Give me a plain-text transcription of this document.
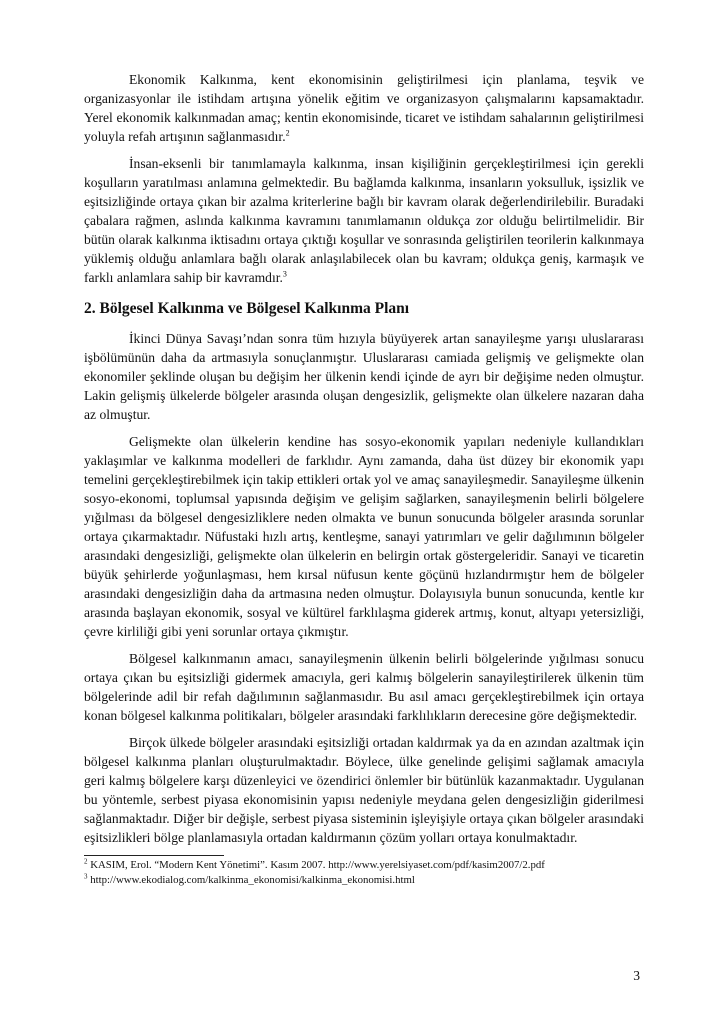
Ekonomik Kalkınma, kent ekonomisinin geliştirilmesi için planlama, teşvik ve organizasyonlar ile istihdam artışına yönelik eğitim ve organizasyon çalışmalarını kapsamaktadır. Yerel ekonomik kalkınmadan amaç; kentin ekonomisinde, ticaret ve istihdam sahalarının geliştirilmesi yoluyla refah artışının sağlanmasıdır.$^2$

İnsan-eksenli bir tanımlamayla kalkınma, insan kişiliğinin gerçekleştirilmesi için gerekli koşulların yaratılması anlamına gelmektedir. Bu bağlamda kalkınma, insanların yoksulluk, işsizlik ve eşitsizliğinde ortaya çıkan bir azalma kriterlerine bağlı bir kavram olarak değerlendirilebilir. Buradaki çabalara rağmen, aslında kalkınma kavramını tanımlamanın oldukça zor olduğu belirtilmelidir. Bir bütün olarak kalkınma iktisadını ortaya çıktığı koşullar ve sonrasında geliştirilen teorilerin kalkınmaya yüklemiş olduğu anlamlara bağlı olarak anlaşılabilecek olan bu kavram; oldukça geniş, karmaşık ve farklı anlamlara sahip bir kavramdır.$^3$

2. Bölgesel Kalkınma ve Bölgesel Kalkınma Planı

İkinci Dünya Savaşı’ndan sonra tüm hızıyla büyüyerek artan sanayileşme yarışı uluslararası işbölümünün daha da artmasıyla sonuçlanmıştır. Uluslararası camiada gelişmiş ve gelişmekte olan ekonomiler şeklinde oluşan bu değişim her ülkenin kendi içinde de ayrı bir değişime neden olmuştur. Lakin gelişmiş ülkelerde bölgeler arasında oluşan dengesizlik, gelişmekte olan ülkelere nazaran daha az olmuştur.

Gelişmekte olan ülkelerin kendine has sosyo-ekonomik yapıları nedeniyle kullandıkları yaklaşımlar ve kalkınma modelleri de farklıdır. Aynı zamanda, daha üst düzey bir ekonomik yapı temelini gerçekleştirebilmek için takip ettikleri ortak yol ve amaç sanayileşmedir. Sanayileşme ülkenin sosyo-ekonomi, toplumsal yapısında değişim ve gelişim sağlarken, sanayileşmenin belirli bölgelere yığılması da bölgesel dengesizliklere neden olmakta ve bunun sonucunda bölgeler arasında sorunlar ortaya çıkarmaktadır. Nüfustaki hızlı artış, kentleşme, sanayi yatırımları ve gelir dağılımının bölgeler arasındaki dengesizliği, gelişmekte olan ülkelerin en belirgin ortak göstergeleridir. Sanayi ve ticaretin büyük şehirlerde yoğunlaşması, hem kırsal nüfusun kente göçünü hızlandırmıştır hem de bölgeler arasındaki dengesizliğin daha da artmasına neden olmuştur. Dolayısıyla bunun sonucunda, kentle kır arasında başlayan ekonomik, sosyal ve kültürel farklılaşma giderek artmış, konut, altyapı yetersizliği, çevre kirliliği gibi yeni sorunlar ortaya çıkmıştır.

Bölgesel kalkınmanın amacı, sanayileşmenin ülkenin belirli bölgelerinde yığılması sonucu ortaya çıkan bu eşitsizliği gidermek amacıyla, geri kalmış bölgelerin sanayileştirilerek ülkenin tüm bölgelerinde adil bir refah dağılımının sağlanmasıdır. Bu asıl amacı gerçekleştirebilmek için ortaya konan bölgesel kalkınma politikaları, bölgeler arasındaki farklılıkların derecesine göre değişmektedir.

Birçok ülkede bölgeler arasındaki eşitsizliği ortadan kaldırmak ya da en azından azaltmak için bölgesel kalkınma planları oluşturulmaktadır. Böylece, ülke genelinde gelişimi sağlamak amacıyla geri kalmış bölgelere karşı düzenleyici ve özendirici önlemler bir bütünlük kazanmaktadır. Uygulanan bu yöntemle, serbest piyasa ekonomisinin yapısı nedeniyle meydana gelen dengesizliğin giderilmesi sağlanmaktadır. Diğer bir değişle, serbest piyasa sisteminin işleyişiyle ortaya çıkan bölgeler arasındaki eşitsizlikleri bölge planlamasıyla ortadan kaldırmanın çözüm yolları ortaya konulmaktadır.

$^2$ KASIM, Erol. “Modern Kent Yönetimi”. Kasım 2007. http://www.yerelsiyaset.com/pdf/kasim2007/2.pdf

$^3$ http://www.ekodialog.com/kalkinma_ekonomisi/kalkinma_ekonomisi.html

3
